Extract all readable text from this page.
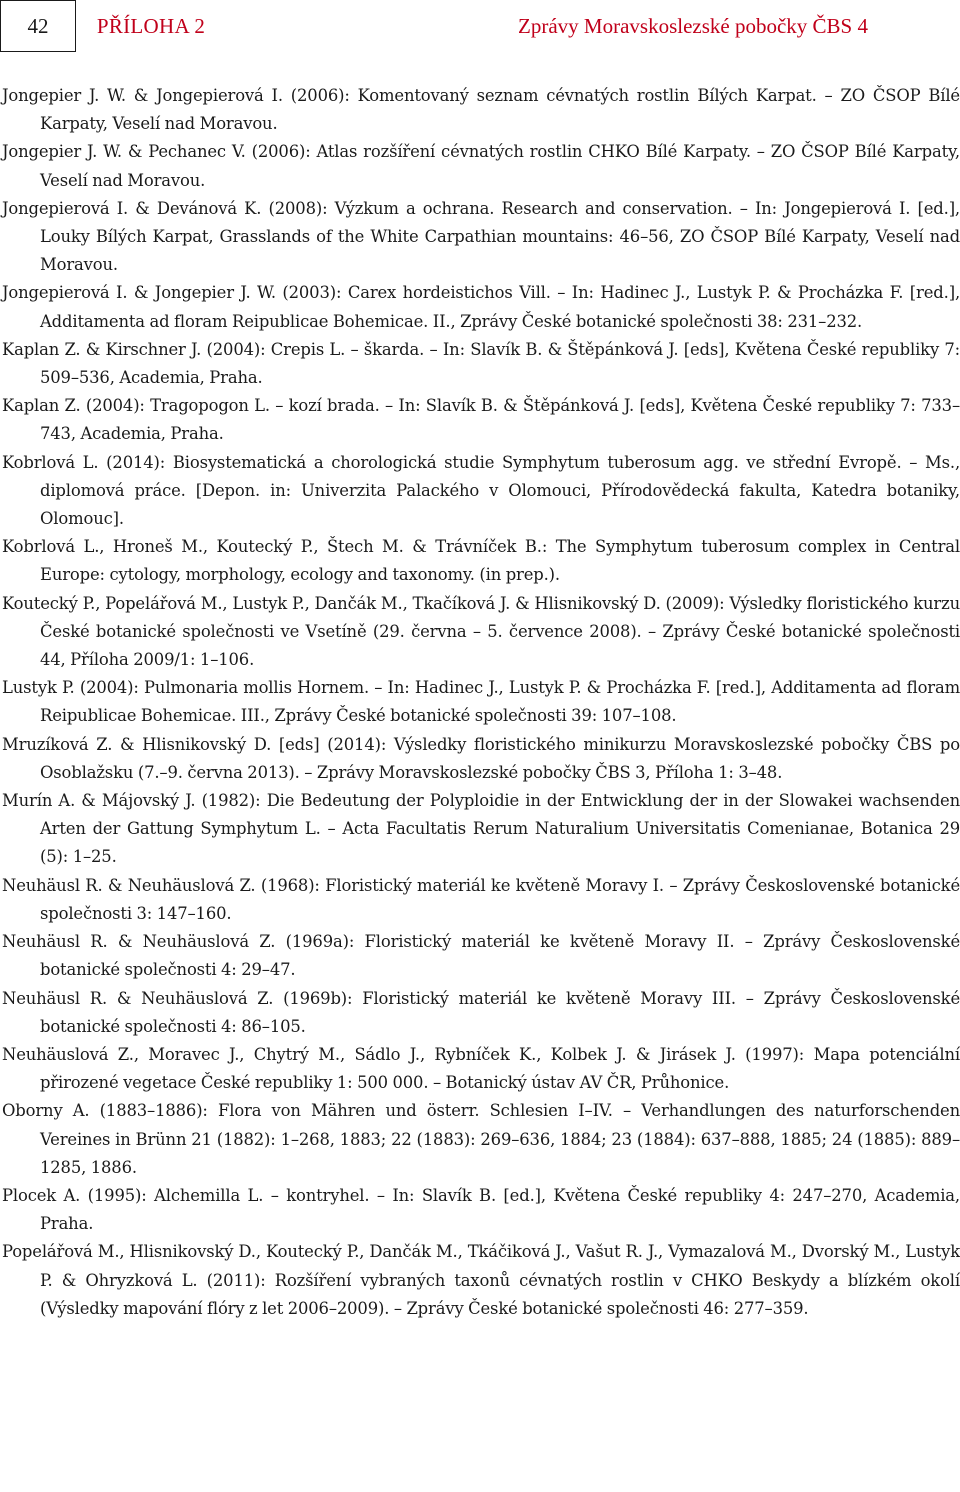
42	PŘÍLOHA 2	Zprávy Moravskoslezské pobočky ČBS 4

Jongepier J. W. & Jongepierová I. (2006): Komentovaný seznam cévnatých rostlin Bílých Karpat. – ZO ČSOP Bílé Karpaty, Veselí nad Moravou.

Jongepier J. W. & Pechanec V. (2006): Atlas rozšíření cévnatých rostlin CHKO Bílé Karpaty. – ZO ČSOP Bílé Karpaty, Veselí nad Moravou.

Jongepierová I. & Devánová K. (2008): Výzkum a ochrana. Research and conservation. – In: Jongepierová I. [ed.], Louky Bílých Karpat, Grasslands of the White Carpathian mountains: 46–56, ZO ČSOP Bílé Karpaty, Veselí nad Moravou.

Jongepierová I. & Jongepier J. W. (2003): Carex hordeistichos Vill. – In: Hadinec J., Lustyk P. & Procházka F. [red.], Additamenta ad floram Reipublicae Bohemicae. II., Zprávy České botanické společnosti 38: 231–232.

Kaplan Z. & Kirschner J. (2004): Crepis L. – škarda. – In: Slavík B. & Štěpánková J. [eds], Květena České republiky 7: 509–536, Academia, Praha.

Kaplan Z. (2004): Tragopogon L. – kozí brada. – In: Slavík B. & Štěpánková J. [eds], Květena České republiky 7: 733–743, Academia, Praha.

Kobrlová L. (2014): Biosystematická a chorologická studie Symphytum tuberosum agg. ve střední Evropě. – Ms., diplomová práce. [Depon. in: Univerzita Palackého v Olomouci, Přírodovědecká fakulta, Katedra botaniky, Olomouc].

Kobrlová L., Hroneš M., Koutecký P., Štech M. & Trávníček B.: The Symphytum tuberosum complex in Central Europe: cytology, morphology, ecology and taxonomy. (in prep.).

Koutecký P., Popelářová M., Lustyk P., Dančák M., Tkačíková J. & Hlisnikovský D. (2009): Výsledky floristického kurzu České botanické společnosti ve Vsetíně (29. června – 5. července 2008). – Zprávy České botanické společnosti 44, Příloha 2009/1: 1–106.

Lustyk P. (2004): Pulmonaria mollis Hornem. – In: Hadinec J., Lustyk P. & Procházka F. [red.], Additamenta ad floram Reipublicae Bohemicae. III., Zprávy České botanické společnosti 39: 107–108.

Mruzíková Z. & Hlisnikovský D. [eds] (2014): Výsledky floristického minikurzu Moravskoslezské pobočky ČBS po Osoblažsku (7.–9. června 2013). – Zprávy Moravskoslezské pobočky ČBS 3, Příloha 1: 3–48.

Murín A. & Májovský J. (1982): Die Bedeutung der Polyploidie in der Entwicklung der in der Slowakei wachsenden Arten der Gattung Symphytum L. – Acta Facultatis Rerum Naturalium Universitatis Comenianae, Botanica 29 (5): 1–25.

Neuhäusl R. & Neuhäuslová Z. (1968): Floristický materiál ke květeně Moravy I. – Zprávy Československé botanické společnosti 3: 147–160.

Neuhäusl R. & Neuhäuslová Z. (1969a): Floristický materiál ke květeně Moravy II. – Zprávy Československé botanické společnosti 4: 29–47.

Neuhäusl R. & Neuhäuslová Z. (1969b): Floristický materiál ke květeně Moravy III. – Zprávy Československé botanické společnosti 4: 86–105.

Neuhäuslová Z., Moravec J., Chytrý M., Sádlo J., Rybníček K., Kolbek J. & Jirásek J. (1997): Mapa potenciální přirozené vegetace České republiky 1: 500 000. – Botanický ústav AV ČR, Průhonice.

Oborny A. (1883–1886): Flora von Mähren und österr. Schlesien I–IV. – Verhandlungen des naturforschenden Vereines in Brünn 21 (1882): 1–268, 1883; 22 (1883): 269–636, 1884; 23 (1884): 637–888, 1885; 24 (1885): 889–1285, 1886.

Plocek A. (1995): Alchemilla L. – kontryhel. – In: Slavík B. [ed.], Květena České republiky 4: 247–270, Academia, Praha.

Popelářová M., Hlisnikovský D., Koutecký P., Dančák M., Tkáčiková J., Vašut R. J., Vymazalová M., Dvorský M., Lustyk P. & Ohryzková L. (2011): Rozšíření vybraných taxonů cévnatých rostlin v CHKO Beskydy a blízkém okolí (Výsledky mapování flóry z let 2006–2009). – Zprávy České botanické společnosti 46: 277–359.
